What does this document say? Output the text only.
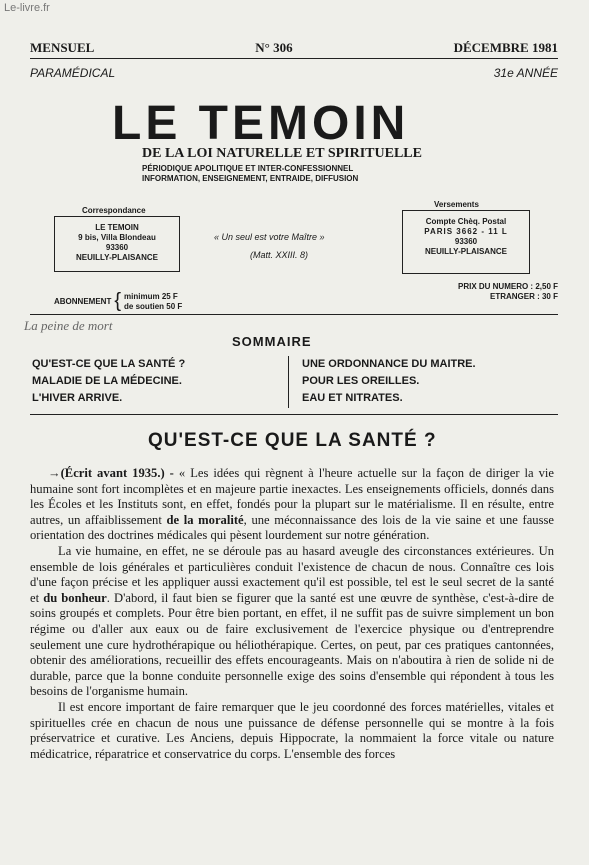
Le-livre.fr
MENSUEL	N° 306	DÉCEMBRE 1981
PARAMÉDICAL	31e ANNÉE
LE TEMOIN
DE LA LOI NATURELLE ET SPIRITUELLE
PÉRIODIQUE APOLITIQUE ET INTER-CONFESSIONNEL
INFORMATION, ENSEIGNEMENT, ENTRAIDE, DIFFUSION
Correspondance
LE TEMOIN
9 bis, Villa Blondeau
93360
NEUILLY-PLAISANCE
« Un seul est votre Maître »
(Matt. XXIII. 8)
Versements
Compte Chèq. Postal
PARIS 3662 - 11 L
93360
NEUILLY-PLAISANCE
ABONNEMENT { minimum 25 F
de soutien 50 F
PRIX DU NUMERO : 2,50 F
ETRANGER : 30 F
La peine de mort
SOMMAIRE
QU'EST-CE QUE LA SANTÉ ?
MALADIE DE LA MÉDECINE.
L'HIVER ARRIVE.
UNE ORDONNANCE DU MAITRE.
POUR LES OREILLES.
EAU ET NITRATES.
QU'EST-CE QUE LA SANTÉ ?

→(Écrit avant 1935.) - « Les idées qui règnent à l'heure actuelle sur la façon de diriger la vie humaine sont fort incomplètes et en majeure partie inexactes. Les enseignements officiels, donnés dans les Écoles et les Instituts sont, en effet, fondés pour la plupart sur le matérialisme. Il en résulte, entre autres, un affaiblissement de la moralité, une méconnaissance des lois de la vie saine et une fausse orientation des doctrines médicales qui pèsent lourdement sur notre génération.

La vie humaine, en effet, ne se déroule pas au hasard aveugle des circonstances extérieures. Un ensemble de lois générales et particulières conduit l'existence de chacun de nous. Connaître ces lois d'une façon précise et les appliquer aussi exactement qu'il est possible, tel est le seul secret de la santé et du bonheur. D'abord, il faut bien se figurer que la santé est une œuvre de synthèse, c'est-à-dire de soins groupés et complets. Pour être bien portant, en effet, il ne suffit pas de suivre simplement un bon régime ou d'aller aux eaux ou de faire exclusivement de l'exercice physique ou d'entreprendre seulement une cure hydrothérapique ou héliothérapique. Certes, on peut, par ces pratiques cantonnées, obtenir des améliorations, recueillir des effets encourageants. Mais on n'aboutira à rien de solide ni de durable, parce que la bonne conduite personnelle exige des soins d'ensemble qui répondent à tous les besoins de l'organisme humain.

Il est encore important de faire remarquer que le jeu coordonné des forces matérielles, vitales et spirituelles crée en chacun de nous une puissance de défense personnelle qui se montre à la fois préservatrice et curative. Les Anciens, depuis Hippocrate, la nommaient la force vitale ou nature médicatrice, réparatrice et conservatrice du corps. L'ensemble des forces
